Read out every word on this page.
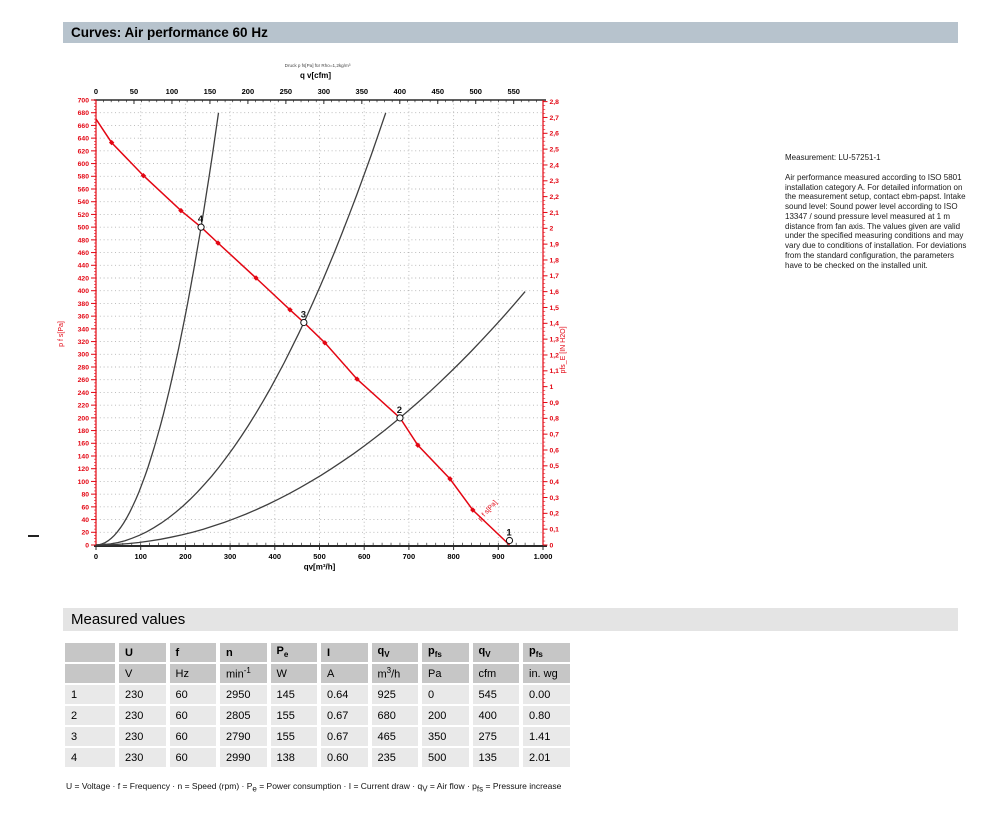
0	50	100	150	200	250	300	350	400	450	500	550
q v[cfm]
Druck p fs[Pa] für Rho=1,2kg/m³
0	100	200	300	400	500	600	700	800	900	1.000
qv[m³/h]
0
20
40
60
80
100
120
140
160
180
200
220
240
260
280
300
320
340
360
380
400
420
440
460
480
500
520
540
560
580
600
620
640
660
680
700
p f s[Pa]
0
0,1
0,2
0,3
0,4
0,5
0,6
0,7
0,8
0,9
1
1,1
1,2
1,3
1,4
1,5
1,6
1,7
1,8
1,9
2
2,1
2,2
2,3
2,4
2,5
2,6
2,7
2,8
pfs_E [IN H2O]
p f s[Pa]
1
2
3
4
Curves: Air performance 60 Hz
Measurement: LU-57251-1
Air performance measured according to ISO 5801 installation category A. For detailed information on the measurement setup, contact ebm-papst. Intake sound level: Sound power level according to ISO 13347 / sound pressure level measured at 1 m distance from fan axis. The values given are valid under the specified measuring conditions and may vary due to conditions of installation. For deviations from the standard configuration, the parameters have to be checked on the installed unit.
Measured values
	U	f	n	$P_e$	I	$q_V$	$p_{fs}$	$q_V$	$p_{fs}$
	V	Hz	$\min^{-1}$	W	A	$m^3/h$	Pa	cfm	in. wg
1	230	60	2950	145	0.64	925	0	545	0.00
2	230	60	2805	155	0.67	680	200	400	0.80
3	230	60	2790	155	0.67	465	350	275	1.41
4	230	60	2990	138	0.60	235	500	135	2.01
U = Voltage · f = Frequency · n = Speed $(rpm) \cdot P_e$ = Power consumption · I = Current draw · $q_V$ = Air flow · $p_{fs}$ = Pressure increase
